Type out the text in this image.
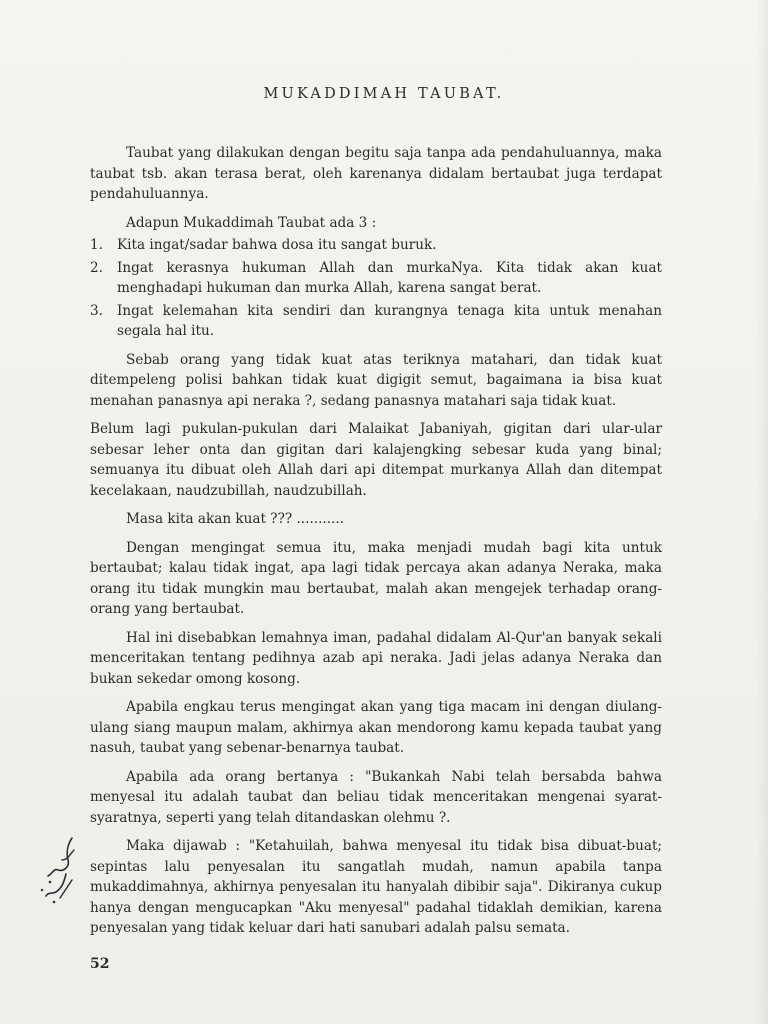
MUKADDIMAH TAUBAT.

Taubat yang dilakukan dengan begitu saja tanpa ada pendahuluannya, maka taubat tsb. akan terasa berat, oleh karenanya didalam bertaubat juga terdapat pendahuluannya.

Adapun Mukaddimah Taubat ada 3 :

1. Kita ingat/sadar bahwa dosa itu sangat buruk.
2. Ingat kerasnya hukuman Allah dan murkaNya. Kita tidak akan kuat menghadapi hukuman dan murka Allah, karena sangat berat.
3. Ingat kelemahan kita sendiri dan kurangnya tenaga kita untuk menahan segala hal itu.

Sebab orang yang tidak kuat atas teriknya matahari, dan tidak kuat ditempeleng polisi bahkan tidak kuat digigit semut, bagaimana ia bisa kuat menahan panasnya api neraka ?, sedang panasnya matahari saja tidak kuat.

Belum lagi pukulan-pukulan dari Malaikat Jabaniyah, gigitan dari ular-ular sebesar leher onta dan gigitan dari kalajengking sebesar kuda yang binal; semuanya itu dibuat oleh Allah dari api ditempat murkanya Allah dan ditempat kecelakaan, naudzubillah, naudzubillah.

Masa kita akan kuat ??? ...........

Dengan mengingat semua itu, maka menjadi mudah bagi kita untuk bertaubat; kalau tidak ingat, apa lagi tidak percaya akan adanya Neraka, maka orang itu tidak mungkin mau bertaubat, malah akan mengejek terhadap orang-orang yang bertaubat.

Hal ini disebabkan lemahnya iman, padahal didalam Al-Qur'an banyak sekali menceritakan tentang pedihnya azab api neraka. Jadi jelas adanya Neraka dan bukan sekedar omong kosong.

Apabila engkau terus mengingat akan yang tiga macam ini dengan diulang-ulang siang maupun malam, akhirnya akan mendorong kamu kepada taubat yang nasuh, taubat yang sebenar-benarnya taubat.

Apabila ada orang bertanya : "Bukankah Nabi telah bersabda bahwa menyesal itu adalah taubat dan beliau tidak menceritakan mengenai syarat-syaratnya, seperti yang telah ditandaskan olehmu ?.

Maka dijawab : "Ketahuilah, bahwa menyesal itu tidak bisa dibuat-buat; sepintas lalu penyesalan itu sangatlah mudah, namun apabila tanpa mukaddimahnya, akhirnya penyesalan itu hanyalah dibibir saja". Dikiranya cukup hanya dengan mengucapkan "Aku menyesal" padahal tidaklah demikian, karena penyesalan yang tidak keluar dari hati sanubari adalah palsu semata.

52
